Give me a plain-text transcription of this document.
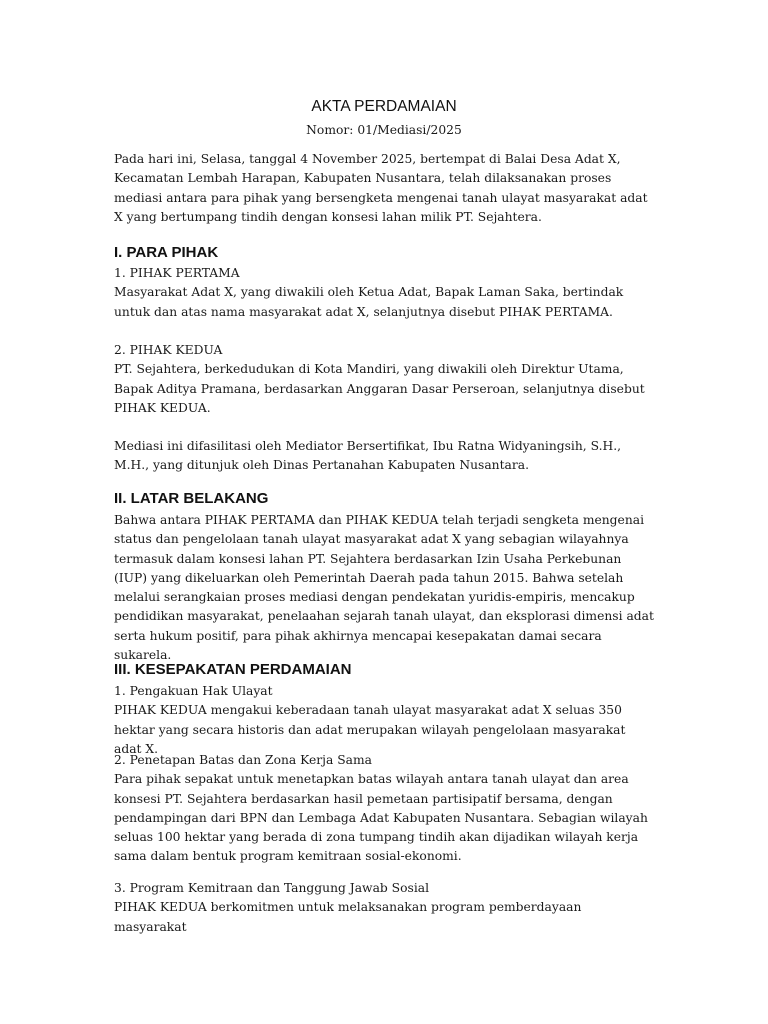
AKTA PERDAMAIAN
Nomor: 01/Mediasi/2025

Pada hari ini, Selasa, tanggal 4 November 2025, bertempat di Balai Desa Adat X, Kecamatan Lembah Harapan, Kabupaten Nusantara, telah dilaksanakan proses mediasi antara para pihak yang bersengketa mengenai tanah ulayat masyarakat adat X yang bertumpang tindih dengan konsesi lahan milik PT. Sejahtera.

I. PARA PIHAK

1. PIHAK PERTAMA
Masyarakat Adat X, yang diwakili oleh Ketua Adat, Bapak Laman Saka, bertindak untuk dan atas nama masyarakat adat X, selanjutnya disebut PIHAK PERTAMA.

2. PIHAK KEDUA
PT. Sejahtera, berkedudukan di Kota Mandiri, yang diwakili oleh Direktur Utama, Bapak Aditya Pramana, berdasarkan Anggaran Dasar Perseroan, selanjutnya disebut PIHAK KEDUA.

Mediasi ini difasilitasi oleh Mediator Bersertifikat, Ibu Ratna Widyaningsih, S.H., M.H., yang ditunjuk oleh Dinas Pertanahan Kabupaten Nusantara.

II. LATAR BELAKANG

Bahwa antara PIHAK PERTAMA dan PIHAK KEDUA telah terjadi sengketa mengenai status dan pengelolaan tanah ulayat masyarakat adat X yang sebagian wilayahnya termasuk dalam konsesi lahan PT. Sejahtera berdasarkan Izin Usaha Perkebunan (IUP) yang dikeluarkan oleh Pemerintah Daerah pada tahun 2015. Bahwa setelah melalui serangkaian proses mediasi dengan pendekatan yuridis-empiris, mencakup pendidikan masyarakat, penelaahan sejarah tanah ulayat, dan eksplorasi dimensi adat serta hukum positif, para pihak akhirnya mencapai kesepakatan damai secara sukarela.

III. KESEPAKATAN PERDAMAIAN

1. Pengakuan Hak Ulayat
PIHAK KEDUA mengakui keberadaan tanah ulayat masyarakat adat X seluas 350 hektar yang secara historis dan adat merupakan wilayah pengelolaan masyarakat adat X.

2. Penetapan Batas dan Zona Kerja Sama
Para pihak sepakat untuk menetapkan batas wilayah antara tanah ulayat dan area konsesi PT. Sejahtera berdasarkan hasil pemetaan partisipatif bersama, dengan pendampingan dari BPN dan Lembaga Adat Kabupaten Nusantara. Sebagian wilayah seluas 100 hektar yang berada di zona tumpang tindih akan dijadikan wilayah kerja sama dalam bentuk program kemitraan sosial-ekonomi.

3. Program Kemitraan dan Tanggung Jawab Sosial
PIHAK KEDUA berkomitmen untuk melaksanakan program pemberdayaan masyarakat
